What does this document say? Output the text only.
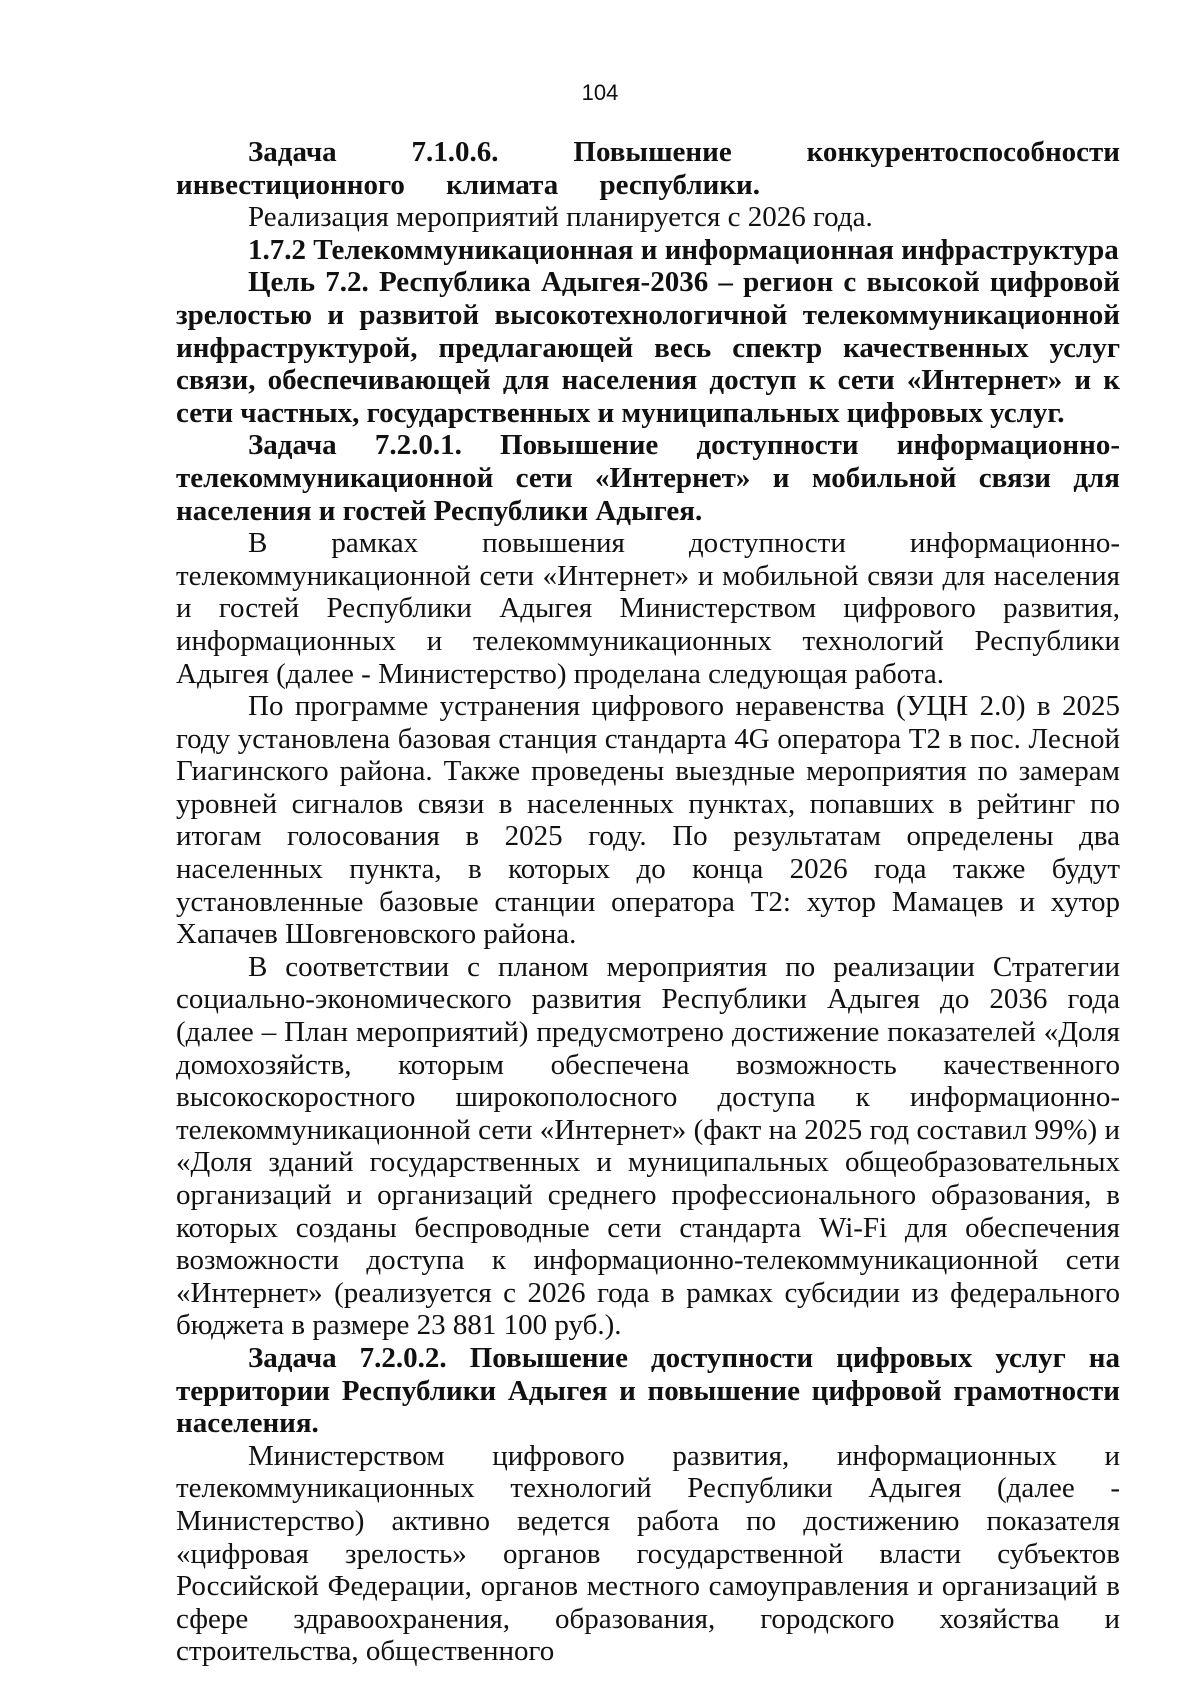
104

Задача 7.1.0.6. Повышение конкурентоспособности инвестиционного климата республики.

Реализация мероприятий планируется с 2026 года.

1.7.2 Телекоммуникационная и информационная инфраструктура

Цель 7.2. Республика Адыгея-2036 – регион с высокой цифровой зрелостью и развитой высокотехнологичной телекоммуникационной инфраструктурой, предлагающей весь спектр качественных услуг связи, обеспечивающей для населения доступ к сети «Интернет» и к сети частных, государственных и муниципальных цифровых услуг.

Задача 7.2.0.1. Повышение доступности информационно-телекоммуникационной сети «Интернет» и мобильной связи для населения и гостей Республики Адыгея.

В рамках повышения доступности информационно-телекоммуникационной сети «Интернет» и мобильной связи для населения и гостей Республики Адыгея Министерством цифрового развития, информационных и телекоммуникационных технологий Республики Адыгея (далее - Министерство) проделана следующая работа.

По программе устранения цифрового неравенства (УЦН 2.0) в 2025 году установлена базовая станция стандарта 4G оператора Т2 в пос. Лесной Гиагинского района. Также проведены выездные мероприятия по замерам уровней сигналов связи в населенных пунктах, попавших в рейтинг по итогам голосования в 2025 году. По результатам определены два населенных пункта, в которых до конца 2026 года также будут установленные базовые станции оператора Т2: хутор Мамацев и хутор Хапачев Шовгеновского района.

В соответствии с планом мероприятия по реализации Стратегии социально-экономического развития Республики Адыгея до 2036 года (далее – План мероприятий) предусмотрено достижение показателей «Доля домохозяйств, которым обеспечена возможность качественного высокоскоростного широкополосного доступа к информационно-телекоммуникационной сети «Интернет» (факт на 2025 год составил 99%) и «Доля зданий государственных и муниципальных общеобразовательных организаций и организаций среднего профессионального образования, в которых созданы беспроводные сети стандарта Wi-Fi для обеспечения возможности доступа к информационно-телекоммуникационной сети «Интернет» (реализуется с 2026 года в рамках субсидии из федерального бюджета в размере 23 881 100 руб.).

Задача 7.2.0.2. Повышение доступности цифровых услуг на территории Республики Адыгея и повышение цифровой грамотности населения.

Министерством цифрового развития, информационных и телекоммуникационных технологий Республики Адыгея (далее - Министерство) активно ведется работа по достижению показателя «цифровая зрелость» органов государственной власти субъектов Российской Федерации, органов местного самоуправления и организаций в сфере здравоохранения, образования, городского хозяйства и строительства, общественного
